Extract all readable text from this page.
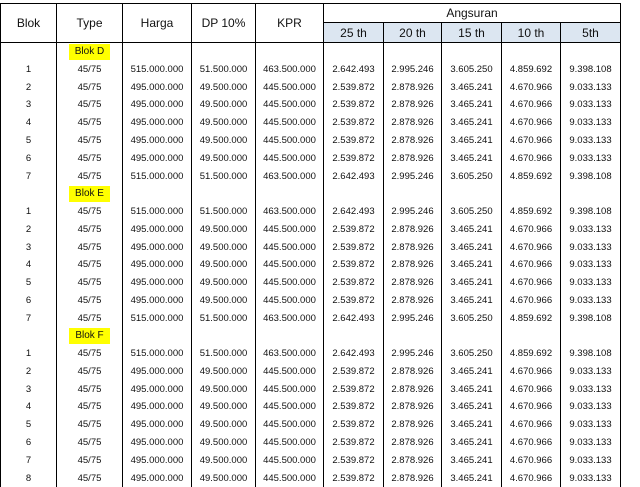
Blok	Type	Harga	DP 10%	KPR	Angsuran				
					25 th	20 th	15 th	10 th	5th
	Blok D								
1	45/75	515.000.000	51.500.000	463.500.000	2.642.493	2.995.246	3.605.250	4.859.692	9.398.108
2	45/75	495.000.000	49.500.000	445.500.000	2.539.872	2.878.926	3.465.241	4.670.966	9.033.133
3	45/75	495.000.000	49.500.000	445.500.000	2.539.872	2.878.926	3.465.241	4.670.966	9.033.133
4	45/75	495.000.000	49.500.000	445.500.000	2.539.872	2.878.926	3.465.241	4.670.966	9.033.133
5	45/75	495.000.000	49.500.000	445.500.000	2.539.872	2.878.926	3.465.241	4.670.966	9.033.133
6	45/75	495.000.000	49.500.000	445.500.000	2.539.872	2.878.926	3.465.241	4.670.966	9.033.133
7	45/75	515.000.000	51.500.000	463.500.000	2.642.493	2.995.246	3.605.250	4.859.692	9.398.108
	Blok E								
1	45/75	515.000.000	51.500.000	463.500.000	2.642.493	2.995.246	3.605.250	4.859.692	9.398.108
2	45/75	495.000.000	49.500.000	445.500.000	2.539.872	2.878.926	3.465.241	4.670.966	9.033.133
3	45/75	495.000.000	49.500.000	445.500.000	2.539.872	2.878.926	3.465.241	4.670.966	9.033.133
4	45/75	495.000.000	49.500.000	445.500.000	2.539.872	2.878.926	3.465.241	4.670.966	9.033.133
5	45/75	495.000.000	49.500.000	445.500.000	2.539.872	2.878.926	3.465.241	4.670.966	9.033.133
6	45/75	495.000.000	49.500.000	445.500.000	2.539.872	2.878.926	3.465.241	4.670.966	9.033.133
7	45/75	515.000.000	51.500.000	463.500.000	2.642.493	2.995.246	3.605.250	4.859.692	9.398.108
	Blok F								
1	45/75	515.000.000	51.500.000	463.500.000	2.642.493	2.995.246	3.605.250	4.859.692	9.398.108
2	45/75	495.000.000	49.500.000	445.500.000	2.539.872	2.878.926	3.465.241	4.670.966	9.033.133
3	45/75	495.000.000	49.500.000	445.500.000	2.539.872	2.878.926	3.465.241	4.670.966	9.033.133
4	45/75	495.000.000	49.500.000	445.500.000	2.539.872	2.878.926	3.465.241	4.670.966	9.033.133
5	45/75	495.000.000	49.500.000	445.500.000	2.539.872	2.878.926	3.465.241	4.670.966	9.033.133
6	45/75	495.000.000	49.500.000	445.500.000	2.539.872	2.878.926	3.465.241	4.670.966	9.033.133
7	45/75	495.000.000	49.500.000	445.500.000	2.539.872	2.878.926	3.465.241	4.670.966	9.033.133
8	45/75	495.000.000	49.500.000	445.500.000	2.539.872	2.878.926	3.465.241	4.670.966	9.033.133
